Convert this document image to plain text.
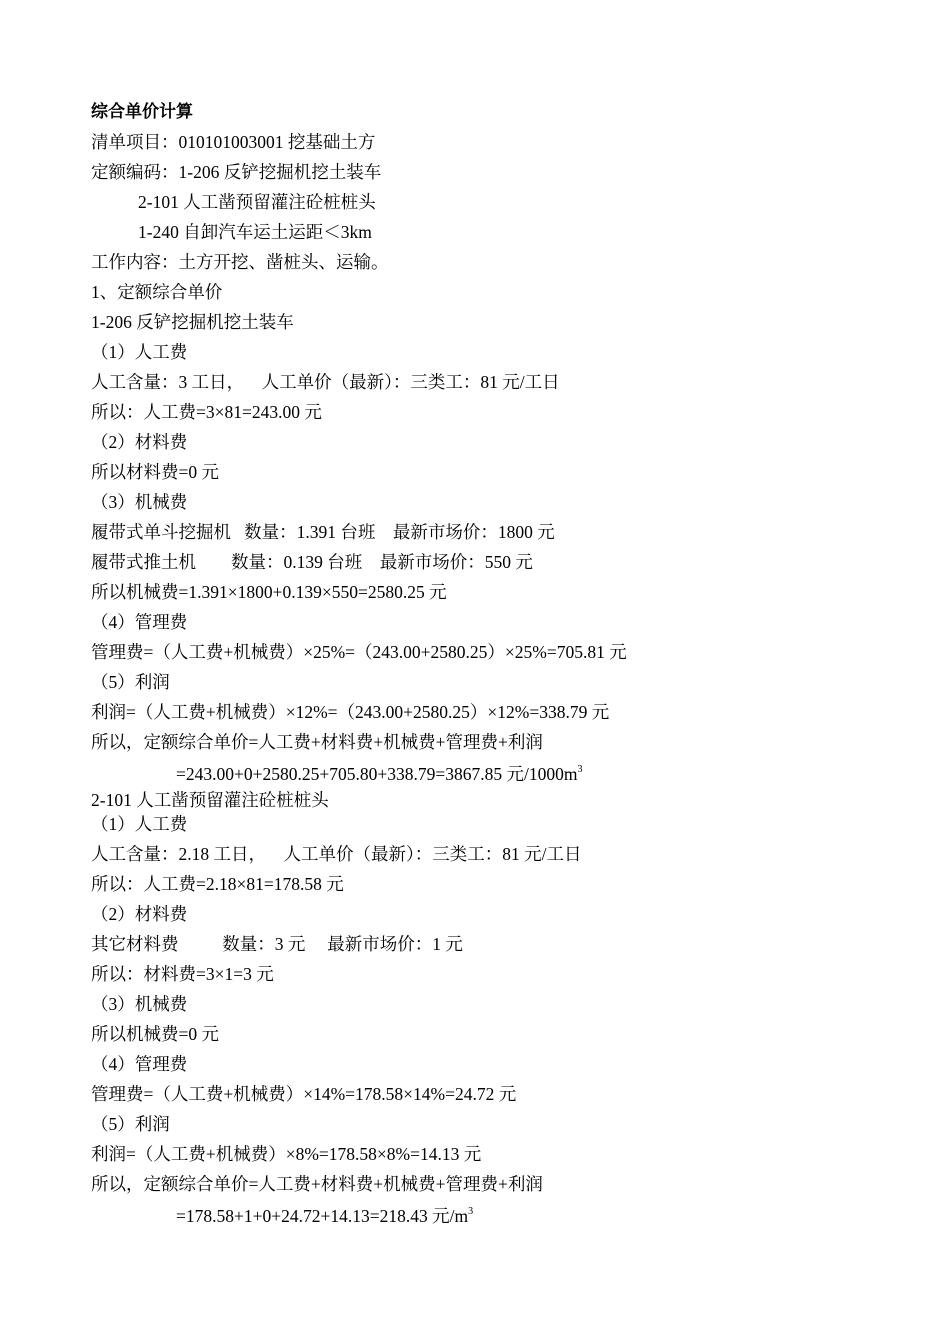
综合单价计算
清单项目：010101003001 挖基础土方
定额编码：1-206 反铲挖掘机挖土装车
2-101 人工凿预留灌注砼桩桩头
1-240 自卸汽车运土运距＜3km
工作内容：土方开挖、凿桩头、运输。
1、定额综合单价
1-206 反铲挖掘机挖土装车
（1）人工费
人工含量：3 工日，    人工单价（最新）：三类工：81 元/工日
所以：人工费=3×81=243.00 元
（2）材料费
所以材料费=0 元
（3）机械费
履带式单斗挖掘机   数量：1.391 台班    最新市场价：1800 元
履带式推土机        数量：0.139 台班    最新市场价：550 元
所以机械费=1.391×1800+0.139×550=2580.25 元
（4）管理费
管理费=（人工费+机械费）×25%=（243.00+2580.25）×25%=705.81 元
（5）利润
利润=（人工费+机械费）×12%=（243.00+2580.25）×12%=338.79 元
所以，定额综合单价=人工费+材料费+机械费+管理费+利润
=243.00+0+2580.25+705.80+338.79=3867.85 元$/1000m^3$
2-101 人工凿预留灌注砼桩桩头
（1）人工费
人工含量：2.18 工日，    人工单价（最新）：三类工：81 元/工日
所以：人工费=2.18×81=178.58 元
（2）材料费
其它材料费          数量：3 元     最新市场价：1 元
所以：材料费=3×1=3 元
（3）机械费
所以机械费=0 元
（4）管理费
管理费=（人工费+机械费）×14%=178.58×14%=24.72 元
（5）利润
利润=（人工费+机械费）×8%=178.58×8%=14.13 元
所以，定额综合单价=人工费+材料费+机械费+管理费+利润
=178.58+1+0+24.72+14.13=218.43 元$/m^3$
